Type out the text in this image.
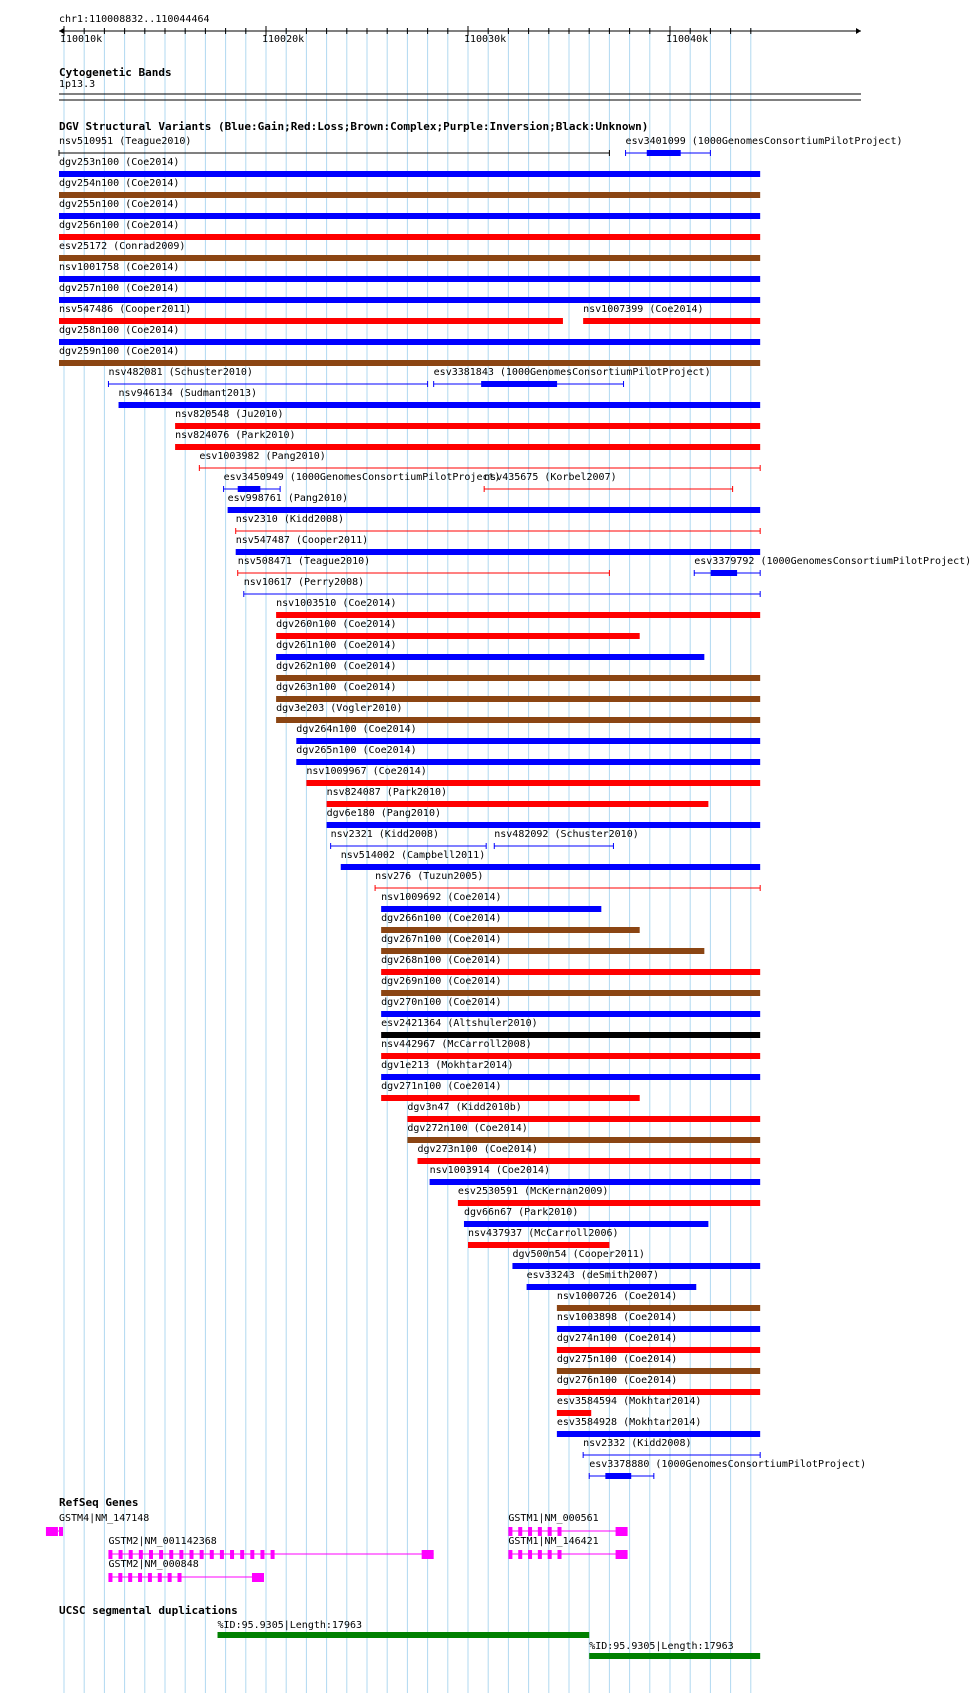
chr1:110008832..110044464
110010k	110020k	110030k	110040k
Cytogenetic Bands
1p13.3
DGV Structural Variants (Blue:Gain;Red:Loss;Brown:Complex;Purple:Inversion;Black:Unknown)
RefSeq Genes
UCSC segmental duplications
nsv510951 (Teague2010)	esv3401099 (1000GenomesConsortiumPilotProject)
dgv253n100 (Coe2014)
dgv254n100 (Coe2014)
dgv255n100 (Coe2014)
dgv256n100 (Coe2014)
esv25172 (Conrad2009)
nsv1001758 (Coe2014)
dgv257n100 (Coe2014)
nsv547486 (Cooper2011)	nsv1007399 (Coe2014)
dgv258n100 (Coe2014)
dgv259n100 (Coe2014)
nsv482081 (Schuster2010)	esv3381843 (1000GenomesConsortiumPilotProject)
nsv946134 (Sudmant2013)
nsv820548 (Ju2010)
nsv824076 (Park2010)
esv1003982 (Pang2010)
esv3450949 (1000GenomesConsortiumPilotProject)
nsv435675 (Korbel2007)
esv998761 (Pang2010)
nsv2310 (Kidd2008)
nsv547487 (Cooper2011)
nsv508471 (Teague2010)	esv3379792 (1000GenomesConsortiumPilotProject)
nsv10617 (Perry2008)
nsv1003510 (Coe2014)
dgv260n100 (Coe2014)
dgv261n100 (Coe2014)
dgv262n100 (Coe2014)
dgv263n100 (Coe2014)
dgv3e203 (Vogler2010)
dgv264n100 (Coe2014)
dgv265n100 (Coe2014)
nsv1009967 (Coe2014)
nsv824087 (Park2010)
dgv6e180 (Pang2010)
nsv2321 (Kidd2008)	nsv482092 (Schuster2010)
nsv514002 (Campbell2011)
nsv276 (Tuzun2005)
nsv1009692 (Coe2014)
dgv266n100 (Coe2014)
dgv267n100 (Coe2014)
dgv268n100 (Coe2014)
dgv269n100 (Coe2014)
dgv270n100 (Coe2014)
esv2421364 (Altshuler2010)
nsv442967 (McCarroll2008)
dgv1e213 (Mokhtar2014)
dgv271n100 (Coe2014)
dgv3n47 (Kidd2010b)
dgv272n100 (Coe2014)
dgv273n100 (Coe2014)
nsv1003914 (Coe2014)
esv2530591 (McKernan2009)
dgv66n67 (Park2010)
nsv437937 (McCarroll2006)
dgv500n54 (Cooper2011)
esv33243 (deSmith2007)
nsv1000726 (Coe2014)
nsv1003898 (Coe2014)
dgv274n100 (Coe2014)
dgv275n100 (Coe2014)
dgv276n100 (Coe2014)
esv3584594 (Mokhtar2014)
esv3584928 (Mokhtar2014)
nsv2332 (Kidd2008)
esv3378880 (1000GenomesConsortiumPilotProject)
GSTM4|NM_147148	GSTM1|NM_000561
GSTM2|NM_001142368	GSTM1|NM_146421
GSTM2|NM_000848
%ID:95.9305|Length:17963
%ID:95.9305|Length:17963
